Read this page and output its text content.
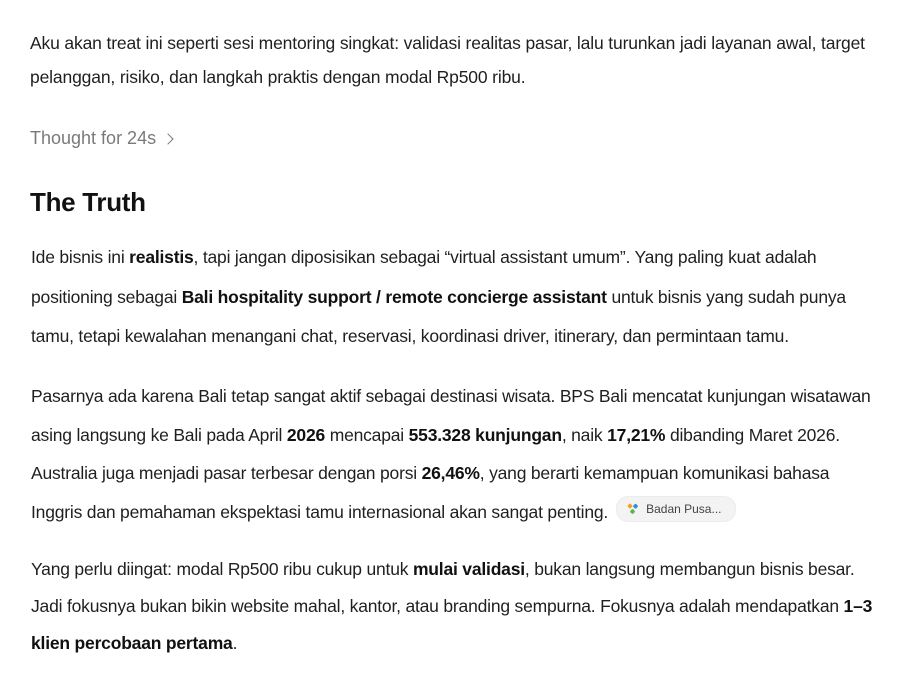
Aku akan treat ini seperti sesi mentoring singkat: validasi realitas pasar, lalu turunkan jadi layanan awal, target pelanggan, risiko, dan langkah praktis dengan modal Rp500 ribu.
Thought for 24s
The Truth

Ide bisnis ini realistis, tapi jangan diposisikan sebagai “virtual assistant umum”. Yang paling kuat adalah positioning sebagai Bali hospitality support / remote concierge assistant untuk bisnis yang sudah punya tamu, tetapi kewalahan menangani chat, reservasi, koordinasi driver, itinerary, dan permintaan tamu.

Pasarnya ada karena Bali tetap sangat aktif sebagai destinasi wisata. BPS Bali mencatat kunjungan wisatawan asing langsung ke Bali pada April 2026 mencapai 553.328 kunjungan, naik 17,21% dibanding Maret 2026. Australia juga menjadi pasar terbesar dengan porsi 26,46%, yang berarti kemampuan komunikasi bahasa Inggris dan pemahaman ekspektasi tamu internasional akan sangat penting.	Badan Pusa...

Yang perlu diingat: modal Rp500 ribu cukup untuk mulai validasi, bukan langsung membangun bisnis besar. Jadi fokusnya bukan bikin website mahal, kantor, atau branding sempurna. Fokusnya adalah mendapatkan 1–3 klien percobaan pertama.
